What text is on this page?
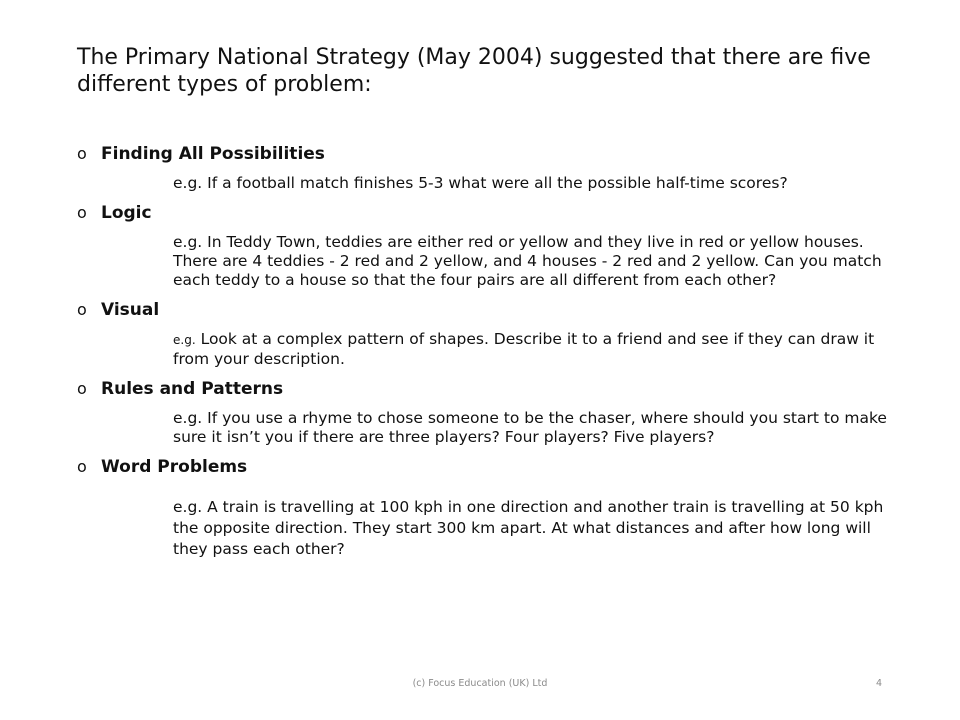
The Primary National Strategy (May 2004) suggested that there are five different types of problem:
o Finding All Possibilities
e.g. If a football match finishes 5-3 what were all the possible half-time scores?
o Logic
e.g. In Teddy Town, teddies are either red or yellow and they live in red or yellow houses. There are 4 teddies - 2 red and 2 yellow, and 4 houses - 2 red and 2 yellow. Can you match each teddy to a house so that the four pairs are all different from each other?
o Visual
e.g. Look at a complex pattern of shapes. Describe it to a friend and see if they can draw it from your description.
o Rules and Patterns
e.g. If you use a rhyme to chose someone to be the chaser, where should you start to make sure it isn’t you if there are three players? Four players? Five players?
o Word Problems
e.g. A train is travelling at 100 kph in one direction and another train is travelling at 50 kph the opposite direction. They start 300 km apart. At what distances and after how long will they pass each other?
(c) Focus Education (UK) Ltd	4
